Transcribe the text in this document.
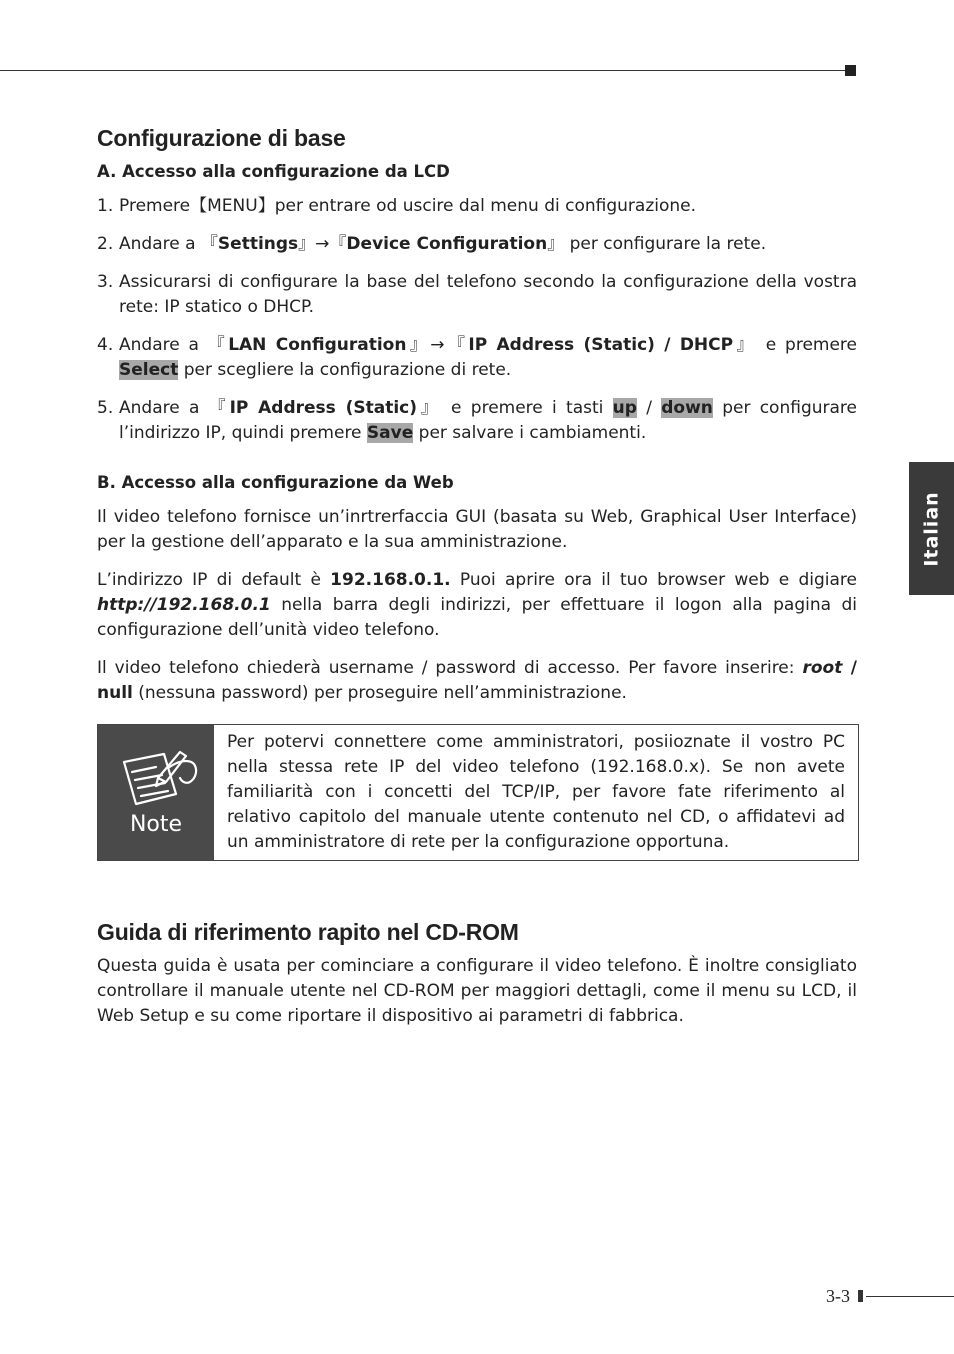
Italian
Configurazione di base
A. Accesso alla configurazione da LCD
1. Premere【MENU】per entrare od uscire dal menu di configurazione.
2. Andare a 『Settings』→『Device Configuration』 per configurare la rete.
3. Assicurarsi di configurare la base del telefono secondo la configurazione della vostra rete: IP statico o DHCP.
4. Andare a 『LAN Configuration』→『IP Address (Static) / DHCP』 e premere Select per scegliere la configurazione di rete.
5. Andare a 『IP Address (Static)』 e premere i tasti up / down per configurare l’indirizzo IP, quindi premere Save per salvare i cambiamenti.
B. Accesso alla configurazione da Web

Il video telefono fornisce un’inrtrerfaccia GUI (basata su Web, Graphical User Interface) per la gestione dell’apparato e la sua amministrazione.

L’indirizzo IP di default è 192.168.0.1. Puoi aprire ora il tuo browser web e digiare http://192.168.0.1 nella barra degli indirizzi, per effettuare il logon alla pagina di configurazione dell’unità video telefono.

Il video telefono chiederà username / password di accesso. Per favore inserire: root / null (nessuna password) per proseguire nell’amministrazione.

Note
Per potervi connettere come amministratori, posiioznate il vostro PC nella stessa rete IP del video telefono (192.168.0.x). Se non avete familiarità con i concetti del TCP/IP, per favore fate riferimento al relativo capitolo del manuale utente contenuto nel CD, o affidatevi ad un amministratore di rete per la configurazione opportuna.
Guida di riferimento rapito nel CD-ROM

Questa guida è usata per cominciare a configurare il video telefono. È inoltre consigliato controllare il manuale utente nel CD-ROM per maggiori dettagli, come il menu su LCD, il Web Setup e su come riportare il dispositivo ai parametri di fabbrica.

3-3
